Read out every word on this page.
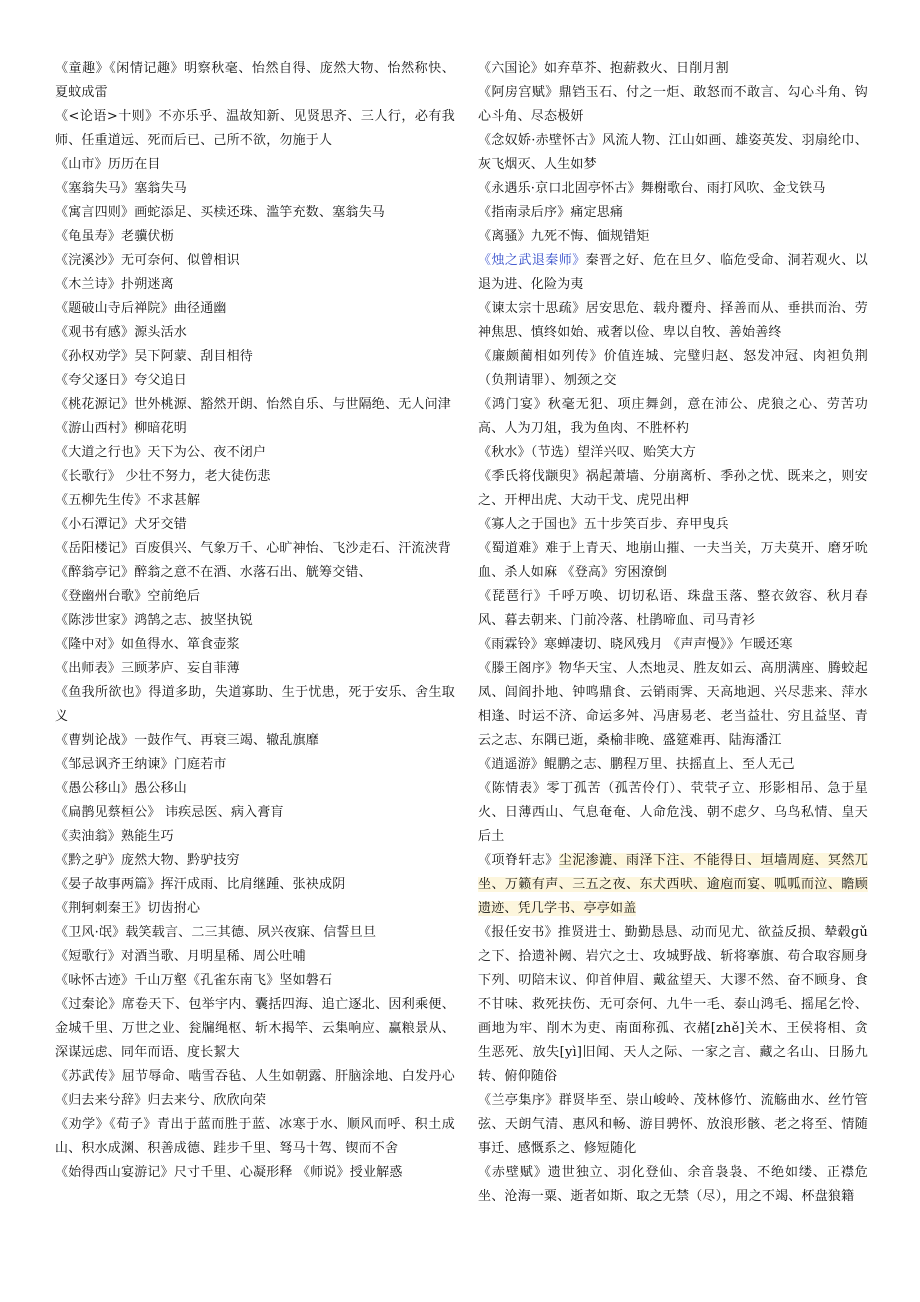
《童趣》《闲情记趣》明察秋毫、怡然自得、庞然大物、怡然称快、夏蚊成雷

《<论语>十则》不亦乐乎、温故知新、见贤思齐、三人行，必有我师、任重道远、死而后已、己所不欲，勿施于人

《山市》历历在目

《塞翁失马》塞翁失马

《寓言四则》画蛇添足、买椟还珠、滥竽充数、塞翁失马

《龟虽寿》老骥伏枥

《浣溪沙》无可奈何、似曾相识

《木兰诗》扑朔迷离

《题破山寺后禅院》曲径通幽

《观书有感》源头活水

《孙权劝学》吴下阿蒙、刮目相待

《夸父逐日》夸父追日

《桃花源记》世外桃源、豁然开朗、怡然自乐、与世隔绝、无人问津

《游山西村》柳暗花明

《大道之行也》天下为公、夜不闭户

《长歌行》 少壮不努力，老大徒伤悲

《五柳先生传》不求甚解

《小石潭记》犬牙交错

《岳阳楼记》百废俱兴、气象万千、心旷神怡、飞沙走石、汗流浃背

《醉翁亭记》醉翁之意不在酒、水落石出、觥筹交错、

《登幽州台歌》空前绝后

《陈涉世家》鸿鹄之志、披坚执锐

《隆中对》如鱼得水、箪食壶浆

《出师表》三顾茅庐、妄自菲薄

《鱼我所欲也》得道多助，失道寡助、生于忧患，死于安乐、舍生取义

《曹刿论战》一鼓作气、再衰三竭、辙乱旗靡

《邹忌讽齐王纳谏》门庭若市

《愚公移山》愚公移山

《扁鹊见蔡桓公》 讳疾忌医、病入膏肓

《卖油翁》熟能生巧

《黔之驴》庞然大物、黔驴技穷

《晏子故事两篇》挥汗成雨、比肩继踵、张袂成阴

《荆轲刺秦王》切齿拊心

《卫风·氓》载笑载言、二三其德、夙兴夜寐、信誓旦旦

《短歌行》对酒当歌、月明星稀、周公吐哺

《咏怀古迹》千山万壑《孔雀东南飞》坚如磐石

《过秦论》席卷天下、包举宇内、囊括四海、追亡逐北、因利乘便、金城千里、万世之业、瓮牖绳枢、斩木揭竿、云集响应、赢粮景从、深谋远虑、同年而语、度长絜大

《苏武传》屈节辱命、啮雪吞毡、人生如朝露、肝脑涂地、白发丹心 《归去来兮辞》归去来兮、欣欣向荣

《劝学》《荀子》青出于蓝而胜于蓝、冰寒于水、顺风而呼、积土成山、积水成渊、积善成德、跬步千里、驽马十驾、锲而不舍

《始得西山宴游记》尺寸千里、心凝形释 《师说》授业解惑

《六国论》如弃草芥、抱薪救火、日削月割

《阿房宫赋》鼎铛玉石、付之一炬、敢怒而不敢言、勾心斗角、钩心斗角、尽态极妍

《念奴娇·赤壁怀古》风流人物、江山如画、雄姿英发、羽扇纶巾、灰飞烟灭、人生如梦

《永遇乐·京口北固亭怀古》舞榭歌台、雨打风吹、金戈铁马

《指南录后序》痛定思痛

《离骚》九死不悔、偭规错矩

《烛之武退秦师》秦晋之好、危在旦夕、临危受命、洞若观火、以退为进、化险为夷

《谏太宗十思疏》居安思危、载舟覆舟、择善而从、垂拱而治、劳神焦思、慎终如始、戒奢以俭、卑以自牧、善始善终

《廉颇蔺相如列传》价值连城、完璧归赵、怒发冲冠、肉袒负荆（负荆请罪）、刎颈之交

《鸿门宴》秋毫无犯、项庄舞剑，意在沛公、虎狼之心、劳苦功高、人为刀俎，我为鱼肉、不胜杯杓

《秋水》（节选）望洋兴叹、贻笑大方

《季氏将伐颛臾》祸起萧墙、分崩离析、季孙之忧、既来之，则安之、开柙出虎、大动干戈、虎兕出柙

《寡人之于国也》五十步笑百步、弃甲曳兵

《蜀道难》难于上青天、地崩山摧、一夫当关，万夫莫开、磨牙吮血、杀人如麻 《登高》穷困潦倒

《琵琶行》千呼万唤、切切私语、珠盘玉落、整衣敛容、秋月春风、暮去朝来、门前冷落、杜鹃啼血、司马青衫

《雨霖铃》寒蝉凄切、晓风残月 《声声慢》》乍暖还寒

《滕王阁序》物华天宝、人杰地灵、胜友如云、高朋满座、腾蛟起凤、闾阎扑地、钟鸣鼎食、云销雨霁、天高地迥、兴尽悲来、萍水相逢、时运不济、命运多舛、冯唐易老、老当益壮、穷且益坚、青云之志、东隅已逝，桑榆非晚、盛筵难再、陆海潘江

《逍遥游》鲲鹏之志、鹏程万里、扶摇直上、至人无己

《陈情表》零丁孤苦（孤苦伶仃）、茕茕孑立、形影相吊、急于星火、日薄西山、气息奄奄、人命危浅、朝不虑夕、乌鸟私情、皇天后土

《项脊轩志》尘泥渗漉、雨泽下注、不能得日、垣墙周庭、冥然兀坐、万籁有声、三五之夜、东犬西吠、逾庖而宴、呱呱而泣、瞻顾遗迹、凭几学书、亭亭如盖

《报任安书》推贤进士、勤勤恳恳、动而见尤、欲益反损、辇毂gǔ之下、拾遗补阙、岩穴之士、攻城野战、斩将搴旗、苟合取容厕身下列、叨陪末议、仰首伸眉、戴盆望天、大谬不然、奋不顾身、食不甘味、救死扶伤、无可奈何、九牛一毛、泰山鸿毛、摇尾乞怜、画地为牢、削木为吏、南面称孤、衣赭[zhě]关木、王侯将相、贪生恶死、放失[yì]旧闻、天人之际、一家之言、藏之名山、日肠九转、俯仰随俗

《兰亭集序》群贤毕至、崇山峻岭、茂林修竹、流觞曲水、丝竹管弦、天朗气清、惠风和畅、游目骋怀、放浪形骸、老之将至、情随事迁、感慨系之、修短随化

《赤壁赋》遗世独立、羽化登仙、余音袅袅、不绝如缕、正襟危坐、沧海一粟、逝者如斯、取之无禁（尽），用之不竭、杯盘狼籍
